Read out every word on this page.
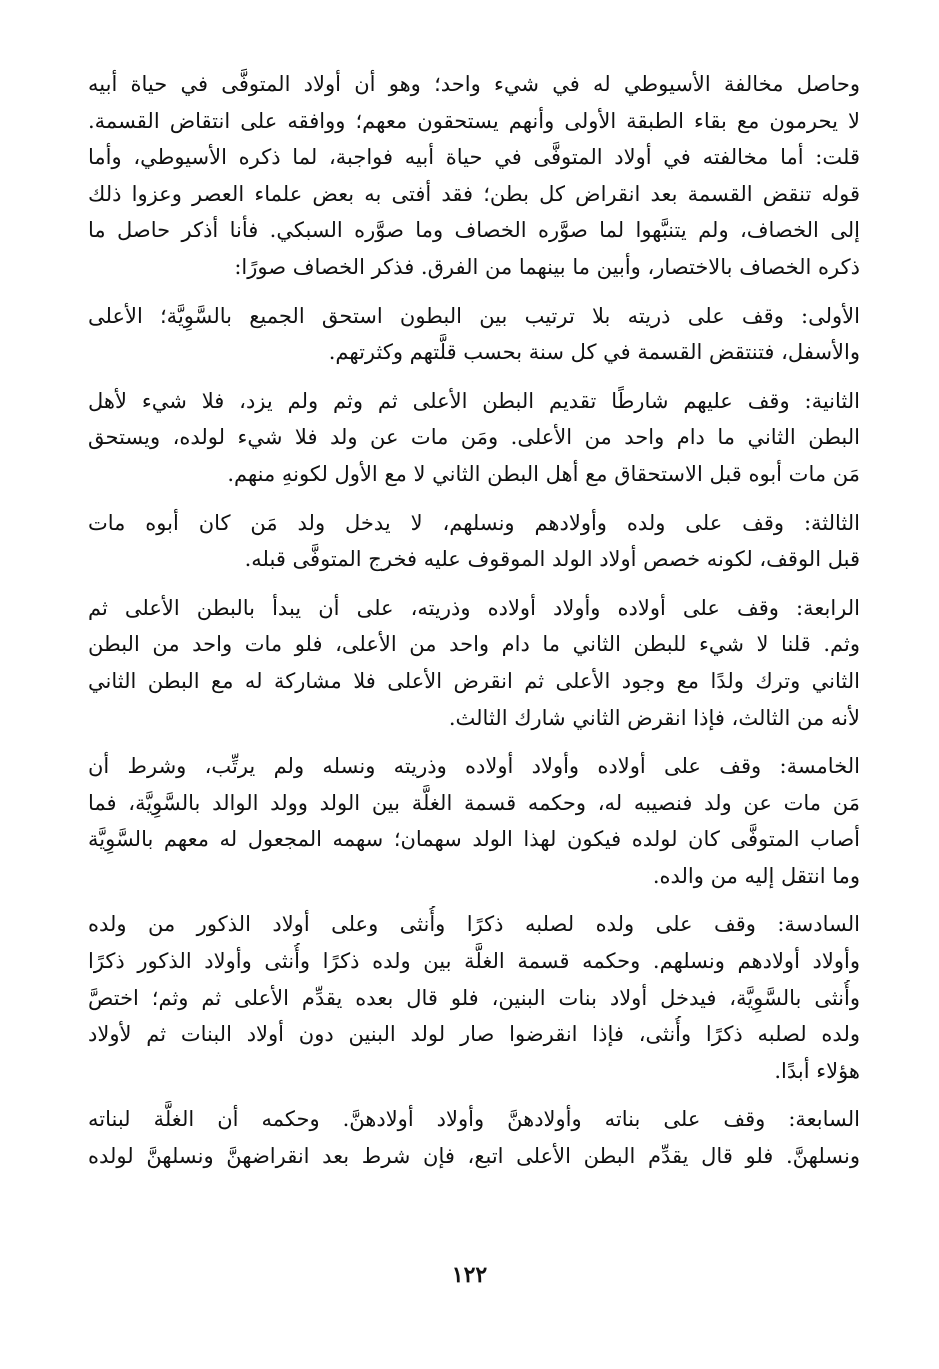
وحاصل مخالفة الأسيوطي له في شيء واحد؛ وهو أن أولاد المتوفَّى في حياة أبيه
لا يحرمون مع بقاء الطبقة الأولى وأنهم يستحقون معهم؛ ووافقه على انتقاض القسمة.
قلت: أما مخالفته في أولاد المتوفَّى في حياة أبيه فواجبة، لما ذكره الأسيوطي، وأما
قوله تنقض القسمة بعد انقراض كل بطن؛ فقد أفتى به بعض علماء العصر وعزوا ذلك
إلى الخصاف، ولم يتنبَّهوا لما صوَّره الخصاف وما صوَّره السبكي. فأنا أذكر حاصل ما
ذكره الخصاف بالاختصار، وأبين ما بينهما من الفرق. فذكر الخصاف صورًا:
الأولى: وقف على ذريته بلا ترتيب بين البطون استحق الجميع بالسَّوِيَّة؛ الأعلى
والأسفل، فتنتقض القسمة في كل سنة بحسب قلَّتهم وكثرتهم.
الثانية: وقف عليهم شارطًا تقديم البطن الأعلى ثم وثم ولم يزد، فلا شيء لأهل
البطن الثاني ما دام واحد من الأعلى. ومَن مات عن ولد فلا شيء لولده، ويستحق
مَن مات أبوه قبل الاستحقاق مع أهل البطن الثاني لا مع الأول لكونهِ منهم.
الثالثة: وقف على ولده وأولادهم ونسلهم، لا يدخل ولد مَن كان أبوه مات
قبل الوقف، لكونه خصص أولاد الولد الموقوف عليه فخرج المتوفَّى قبله.
الرابعة: وقف على أولاده وأولاد أولاده وذريته، على أن يبدأ بالبطن الأعلى ثم
وثم. قلنا لا شيء للبطن الثاني ما دام واحد من الأعلى، فلو مات واحد من البطن
الثاني وترك ولدًا مع وجود الأعلى ثم انقرض الأعلى فلا مشاركة له مع البطن الثاني
لأنه من الثالث، فإذا انقرض الثاني شارك الثالث.
الخامسة: وقف على أولاده وأولاد أولاده وذريته ونسله ولم يرتِّب، وشرط أن
مَن مات عن ولد فنصيبه له، وحكمه قسمة الغلَّة بين الولد وولد الوالد بالسَّوِيَّة، فما
أصاب المتوفَّى كان لولده فيكون لهذا الولد سهمان؛ سهمه المجعول له معهم بالسَّوِيَّة
وما انتقل إليه من والده.
السادسة: وقف على ولده لصلبه ذكرًا وأُنثى وعلى أولاد الذكور من ولده
وأولاد أولادهم ونسلهم. وحكمه قسمة الغلَّة بين ولده ذكرًا وأُنثى وأولاد الذكور ذكرًا
وأُنثى بالسَّوِيَّة، فيدخل أولاد بنات البنين، فلو قال بعده يقدِّم الأعلى ثم وثم؛ اختصَّ
ولده لصلبه ذكرًا وأُنثى، فإذا انقرضوا صار لولد البنين دون أولاد البنات ثم لأولاد
هؤلاء أبدًا.
السابعة: وقف على بناته وأولادهنَّ وأولاد أولادهنَّ. وحكمه أن الغلَّة لبناته
ونسلهنَّ. فلو قال يقدِّم البطن الأعلى اتبع، فإن شرط بعد انقراضهنَّ ونسلهنَّ لولده
١٢٢
